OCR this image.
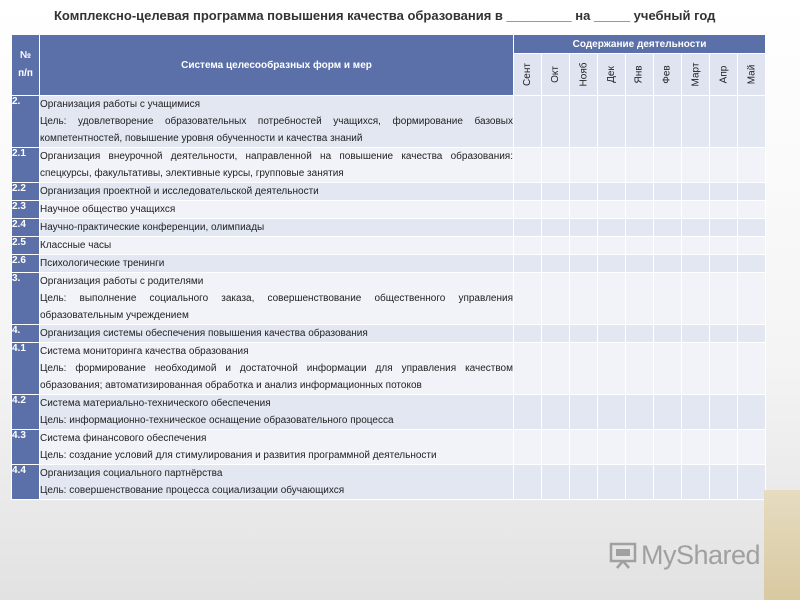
Комплексно-целевая программа повышения качества образования в _________ на _____ учебный год
№
п/п	Система целесообразных форм и мер	Содержание деятельности								
		Сент	Окт	Нояб	Дек	Янв	Фев	Март	Апр	Май
2.	Организация работы с учащимися
Цель: удовлетворение образовательных потребностей учащихся, формирование базовых компетентностей, повышение уровня обученности и качества знаний									

2.1	Организация внеурочной деятельности, направленной на повышение качества образования: спецкурсы, факультативы, элективные курсы, групповые занятия									

2.2	Организация проектной и исследовательской деятельности									

2.3	Научное общество учащихся									

2.4	Научно-практические конференции, олимпиады									

2.5	Классные часы									

2.6	Психологические тренинги									

3.	Организация работы с родителями
Цель: выполнение социального заказа, совершенствование общественного управления образовательным учреждением									

4.	Организация системы обеспечения повышения качества образования									

4.1	Система мониторинга качества образования
Цель: формирование необходимой и достаточной информации для управления качеством образования; автоматизированная обработка и анализ информационных потоков									

4.2	Система материально-технического обеспечения
Цель: информационно-техническое оснащение образовательного процесса									

4.3	Система финансового обеспечения
Цель: создание условий для стимулирования и развития программной деятельности									

4.4	Организация социального партнёрства
Цель: совершенствование процесса социализации обучающихся									

MyShared
